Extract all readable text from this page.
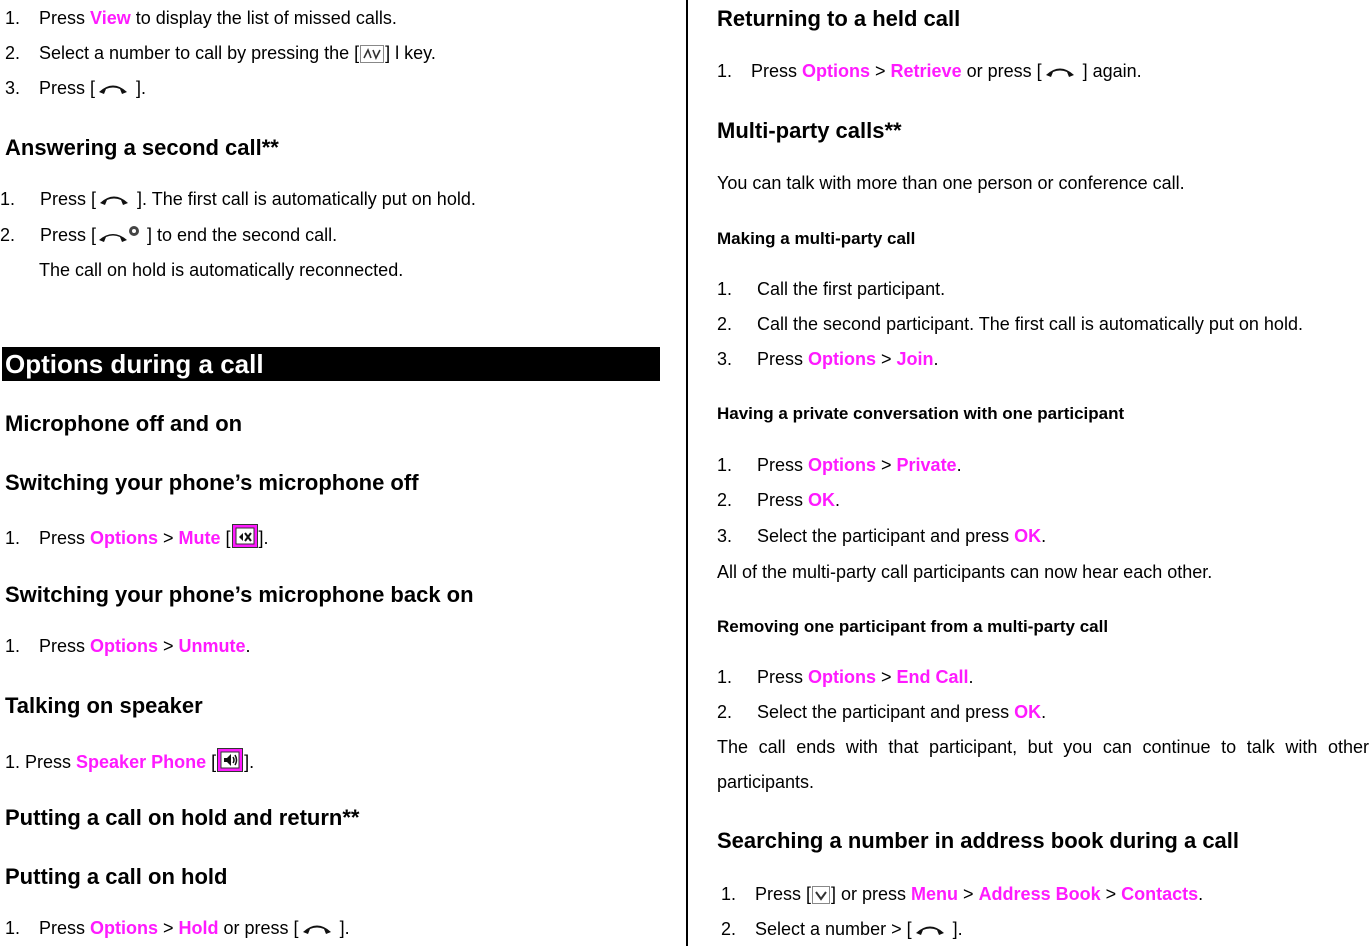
1. Press View to display the list of missed calls.
2. Select a number to call by pressing the [ ] l key.
3. Press [ ].
Answering a second call**
1. Press [ ]. The first call is automatically put on hold.
2. Press [	] to end the second call.
The call on hold is automatically reconnected.
Options during a call
Microphone off and on
Switching your phone’s microphone off
1. Press Options > Mute [ ].
Switching your phone’s microphone back on
1. Press Options > Unmute.
Talking on speaker
1. Press Speaker Phone [ ].
Putting a call on hold and return**
Putting a call on hold
1. Press Options > Hold or press [ ].
Returning to a held call
1. Press Options > Retrieve or press [ ] again.
Multi-party calls**
You can talk with more than one person or conference call.
Making a multi-party call
1. Call the first participant.
2. Call the second participant. The first call is automatically put on hold.
3. Press Options > Join.
Having a private conversation with one participant
1. Press Options > Private.
2. Press OK.
3. Select the participant and press OK.
All of the multi-party call participants can now hear each other.
Removing one participant from a multi-party call
1. Press Options > End Call.
2. Select the participant and press OK.
The call ends with that participant, but you can continue to talk with other participants.
Searching a number in address book during a call
1. Press [ ] or press Menu > Address Book > Contacts.
2. Select a number > [ ].
